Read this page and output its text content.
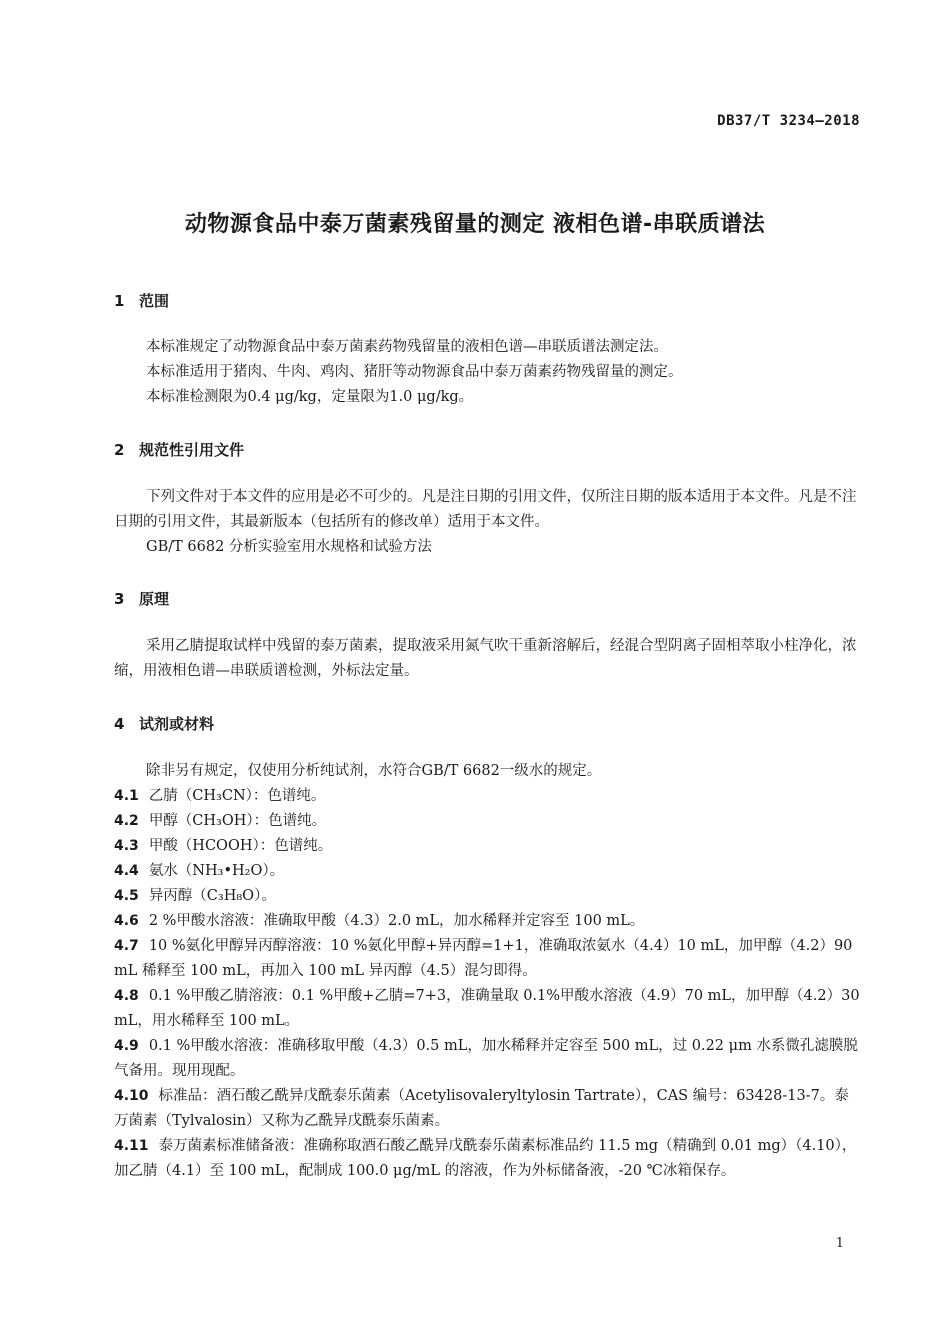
DB37/T 3234—2018
动物源食品中泰万菌素残留量的测定 液相色谱-串联质谱法
1 范围

本标准规定了动物源食品中泰万菌素药物残留量的液相色谱—串联质谱法测定法。

本标准适用于猪肉、牛肉、鸡肉、猪肝等动物源食品中泰万菌素药物残留量的测定。

本标准检测限为0.4 μg/kg，定量限为1.0 μg/kg。

2 规范性引用文件

下列文件对于本文件的应用是必不可少的。凡是注日期的引用文件，仅所注日期的版本适用于本文件。凡是不注日期的引用文件，其最新版本（包括所有的修改单）适用于本文件。

GB/T 6682 分析实验室用水规格和试验方法

3 原理

采用乙腈提取试样中残留的泰万菌素，提取液采用氮气吹干重新溶解后，经混合型阴离子固相萃取小柱净化，浓缩，用液相色谱—串联质谱检测，外标法定量。

4 试剂或材料

除非另有规定，仅使用分析纯试剂，水符合GB/T 6682一级水的规定。

4.1 乙腈（CH₃CN）：色谱纯。

4.2 甲醇（CH₃OH）：色谱纯。

4.3 甲酸（HCOOH）：色谱纯。

4.4 氨水（NH₃•H₂O）。

4.5 异丙醇（C₃H₈O）。

4.6 2 %甲酸水溶液：准确取甲酸（4.3）2.0 mL，加水稀释并定容至 100 mL。

4.7 10 %氨化甲醇异丙醇溶液：10 %氨化甲醇+异丙醇=1+1，准确取浓氨水（4.4）10 mL，加甲醇（4.2）90 mL 稀释至 100 mL，再加入 100 mL 异丙醇（4.5）混匀即得。

4.8 0.1 %甲酸乙腈溶液：0.1 %甲酸+乙腈=7+3，准确量取 0.1%甲酸水溶液（4.9）70 mL，加甲醇（4.2）30 mL，用水稀释至 100 mL。

4.9 0.1 %甲酸水溶液：准确移取甲酸（4.3）0.5 mL，加水稀释并定容至 500 mL，过 0.22 μm 水系微孔滤膜脱气备用。现用现配。

4.10 标准品：酒石酸乙酰异戊酰泰乐菌素（Acetylisovaleryltylosin Tartrate），CAS 编号：63428-13-7。泰万菌素（Tylvalosin）又称为乙酰异戊酰泰乐菌素。

4.11 泰万菌素标准储备液：准确称取酒石酸乙酰异戊酰泰乐菌素标准品约 11.5 mg（精确到 0.01 mg）（4.10），加乙腈（4.1）至 100 mL，配制成 100.0 μg/mL 的溶液，作为外标储备液，-20 ℃冰箱保存。

1
